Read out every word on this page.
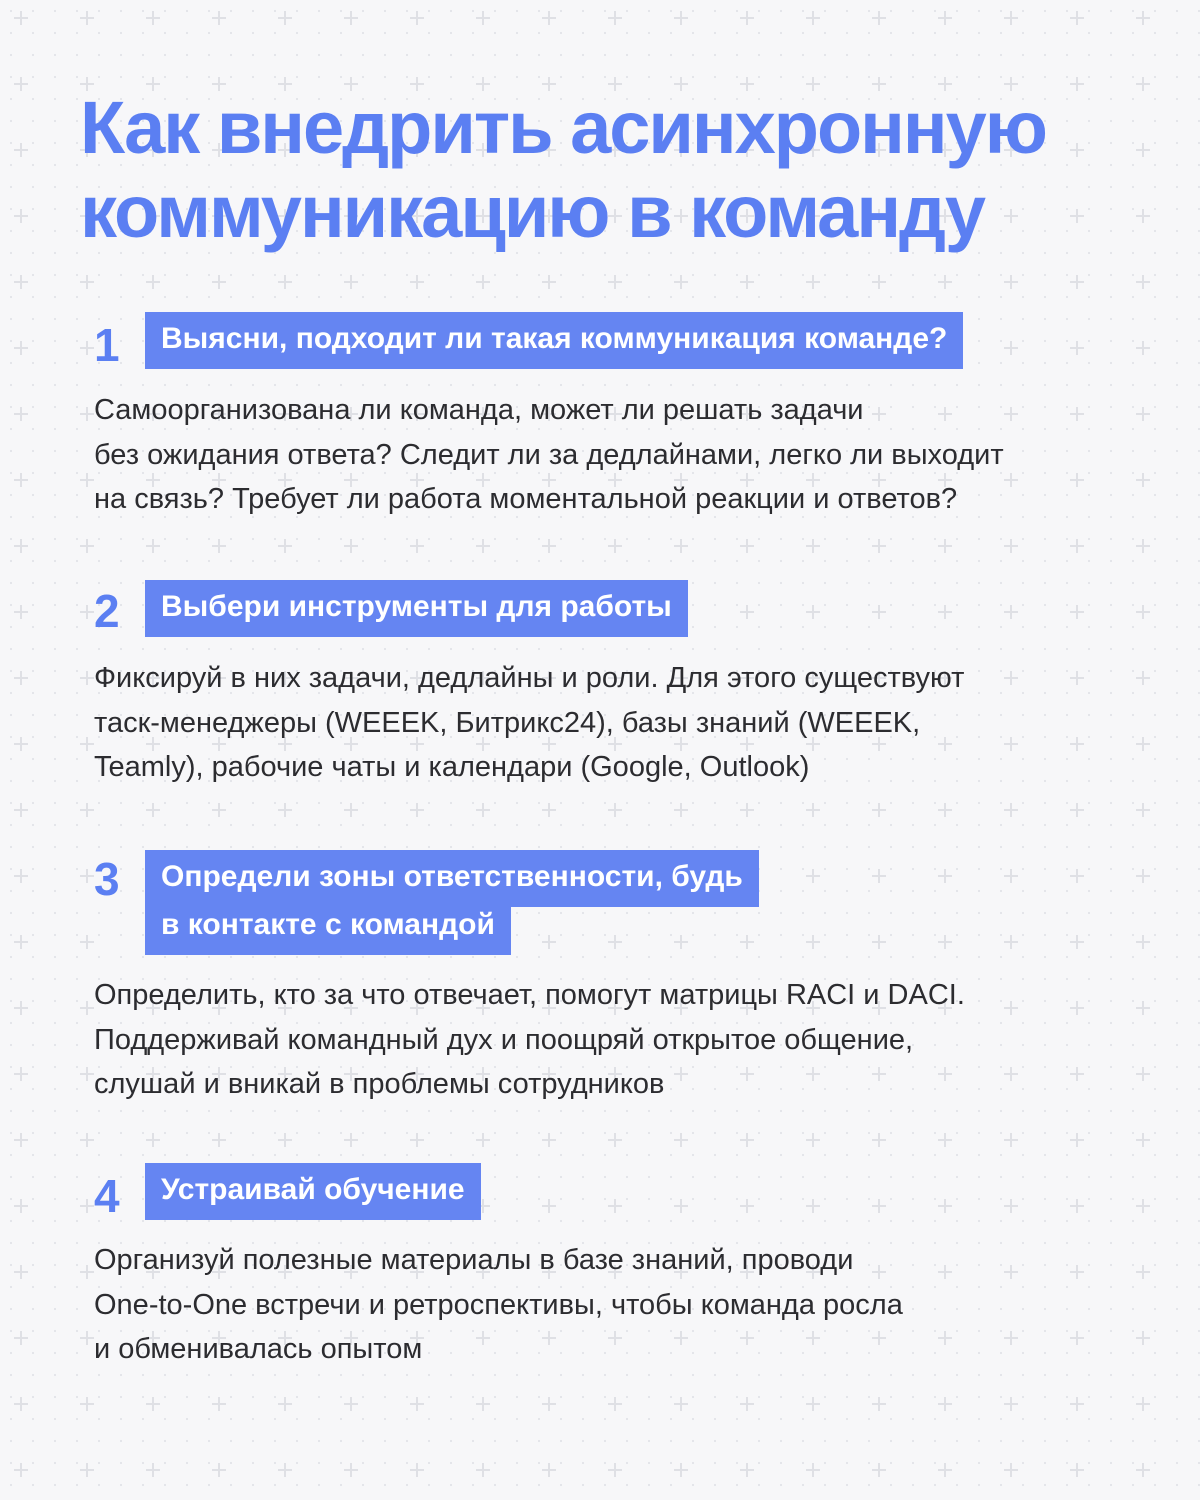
Как внедрить асинхронную
коммуникацию в команду
1	Выясни, подходит ли такая коммуникация команде?

Самоорганизована ли команда, может ли решать задачи
без ожидания ответа? Следит ли за дедлайнами, легко ли выходит
на связь? Требует ли работа моментальной реакции и ответов?

2	Выбери инструменты для работы

Фиксируй в них задачи, дедлайны и роли. Для этого существуют
таск-менеджеры (WEEEK, Битрикс24), базы знаний (WEEEK,
Teamly), рабочие чаты и календари (Google, Outlook)

3	Определи зоны ответственности, будь
в контакте с командой

Определить, кто за что отвечает, помогут матрицы RACI и DACI.
Поддерживай командный дух и поощряй открытое общение,
слушай и вникай в проблемы сотрудников

4	Устраивай обучение

Организуй полезные материалы в базе знаний, проводи
One-to-One встречи и ретроспективы, чтобы команда росла
и обменивалась опытом
